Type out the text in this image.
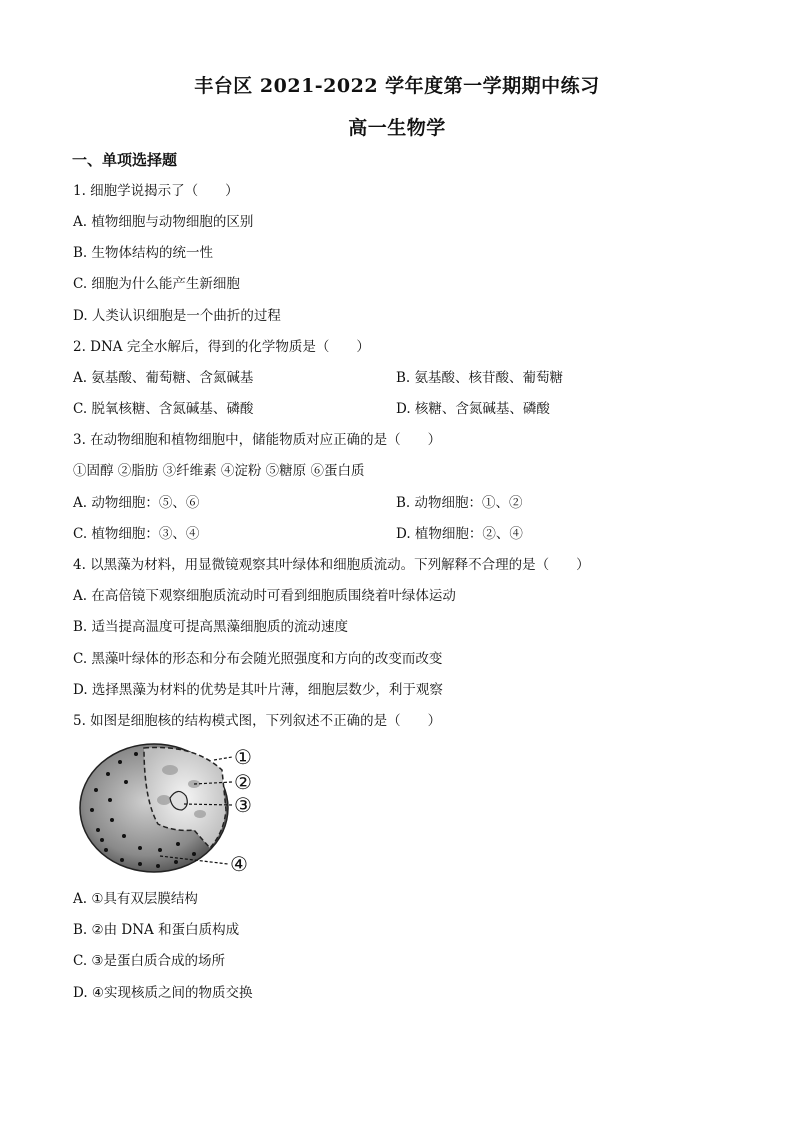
丰台区 2021-2022 学年度第一学期期中练习
高一生物学
一、单项选择题
1. 细胞学说揭示了（　　）
A. 植物细胞与动物细胞的区别
B. 生物体结构的统一性
C. 细胞为什么能产生新细胞
D. 人类认识细胞是一个曲折的过程
2. DNA 完全水解后，得到的化学物质是（　　）
A. 氨基酸、葡萄糖、含氮碱基	B. 氨基酸、核苷酸、葡萄糖
C. 脱氧核糖、含氮碱基、磷酸	D. 核糖、含氮碱基、磷酸
3. 在动物细胞和植物细胞中，储能物质对应正确的是（　　）
①固醇 ②脂肪 ③纤维素 ④淀粉 ⑤糖原 ⑥蛋白质
A. 动物细胞：⑤、⑥	B. 动物细胞：①、②
C. 植物细胞：③、④	D. 植物细胞：②、④
4. 以黑藻为材料，用显微镜观察其叶绿体和细胞质流动。下列解释不合理的是（　　）
A. 在高倍镜下观察细胞质流动时可看到细胞质围绕着叶绿体运动
B. 适当提高温度可提高黑藻细胞质的流动速度
C. 黑藻叶绿体的形态和分布会随光照强度和方向的改变而改变
D. 选择黑藻为材料的优势是其叶片薄，细胞层数少，利于观察
5. 如图是细胞核的结构模式图，下列叙述不正确的是（　　）
①
②
③
④
A. ①具有双层膜结构
B. ②由 DNA 和蛋白质构成
C. ③是蛋白质合成的场所
D. ④实现核质之间的物质交换
